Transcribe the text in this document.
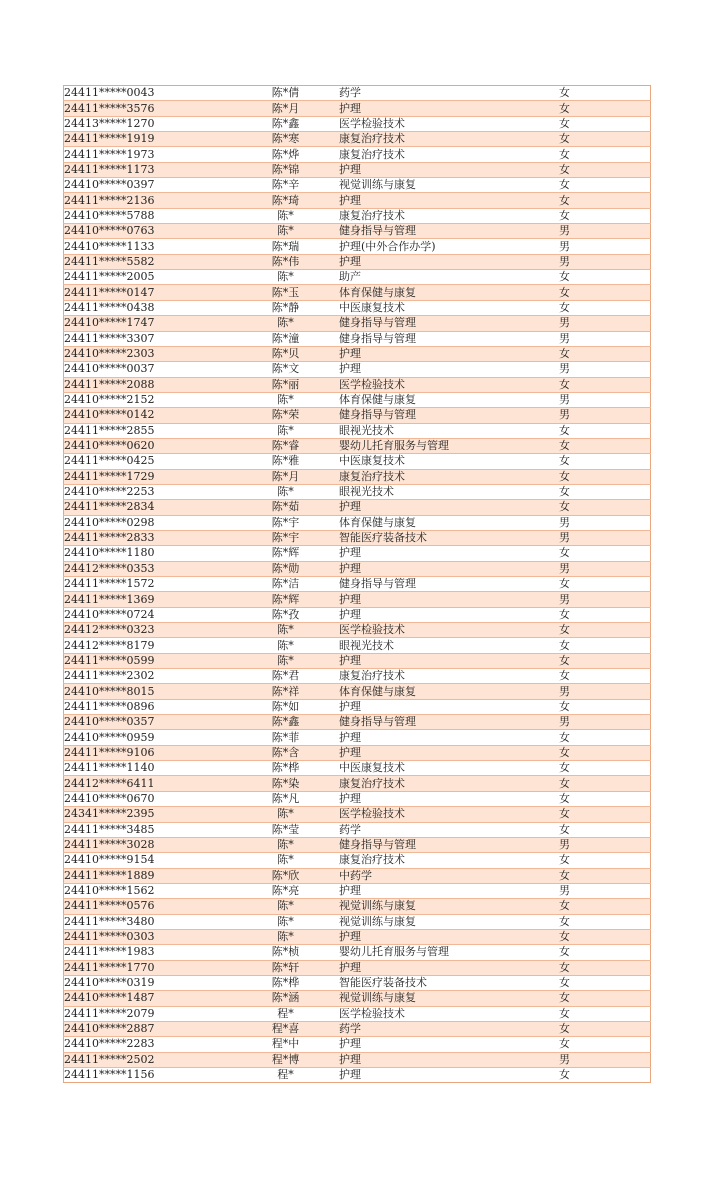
24411*****0043	陈*倩	药学	女
24411*****3576	陈*月	护理	女
24413*****1270	陈*鑫	医学检验技术	女
24411*****1919	陈*寒	康复治疗技术	女
24411*****1973	陈*烨	康复治疗技术	女
24411*****1173	陈*锦	护理	女
24410*****0397	陈*辛	视觉训练与康复	女
24411*****2136	陈*琦	护理	女
24410*****5788	陈*	康复治疗技术	女
24410*****0763	陈*	健身指导与管理	男
24410*****1133	陈*瑞	护理(中外合作办学)	男
24411*****5582	陈*伟	护理	男
24411*****2005	陈*	助产	女
24411*****0147	陈*玉	体育保健与康复	女
24411*****0438	陈*静	中医康复技术	女
24410*****1747	陈*	健身指导与管理	男
24411*****3307	陈*潼	健身指导与管理	男
24410*****2303	陈*贝	护理	女
24410*****0037	陈*文	护理	男
24411*****2088	陈*丽	医学检验技术	女
24410*****2152	陈*	体育保健与康复	男
24410*****0142	陈*荣	健身指导与管理	男
24411*****2855	陈*	眼视光技术	女
24410*****0620	陈*睿	婴幼儿托育服务与管理	女
24411*****0425	陈*雅	中医康复技术	女
24411*****1729	陈*月	康复治疗技术	女
24410*****2253	陈*	眼视光技术	女
24411*****2834	陈*茹	护理	女
24410*****0298	陈*宇	体育保健与康复	男
24411*****2833	陈*宇	智能医疗装备技术	男
24410*****1180	陈*辉	护理	女
24412*****0353	陈*勋	护理	男
24411*****1572	陈*洁	健身指导与管理	女
24411*****1369	陈*辉	护理	男
24410*****0724	陈*孜	护理	女
24412*****0323	陈*	医学检验技术	女
24412*****8179	陈*	眼视光技术	女
24411*****0599	陈*	护理	女
24411*****2302	陈*君	康复治疗技术	女
24410*****8015	陈*祥	体育保健与康复	男
24411*****0896	陈*如	护理	女
24410*****0357	陈*鑫	健身指导与管理	男
24410*****0959	陈*菲	护理	女
24411*****9106	陈*含	护理	女
24411*****1140	陈*桦	中医康复技术	女
24412*****6411	陈*染	康复治疗技术	女
24410*****0670	陈*凡	护理	女
24341*****2395	陈*	医学检验技术	女
24411*****3485	陈*莹	药学	女
24411*****3028	陈*	健身指导与管理	男
24410*****9154	陈*	康复治疗技术	女
24411*****1889	陈*欣	中药学	女
24410*****1562	陈*亮	护理	男
24411*****0576	陈*	视觉训练与康复	女
24411*****3480	陈*	视觉训练与康复	女
24411*****0303	陈*	护理	女
24411*****1983	陈*桢	婴幼儿托育服务与管理	女
24411*****1770	陈*轩	护理	女
24410*****0319	陈*桦	智能医疗装备技术	女
24410*****1487	陈*涵	视觉训练与康复	女
24411*****2079	程*	医学检验技术	女
24410*****2887	程*喜	药学	女
24410*****2283	程*中	护理	女
24411*****2502	程*博	护理	男
24411*****1156	程*	护理	女
